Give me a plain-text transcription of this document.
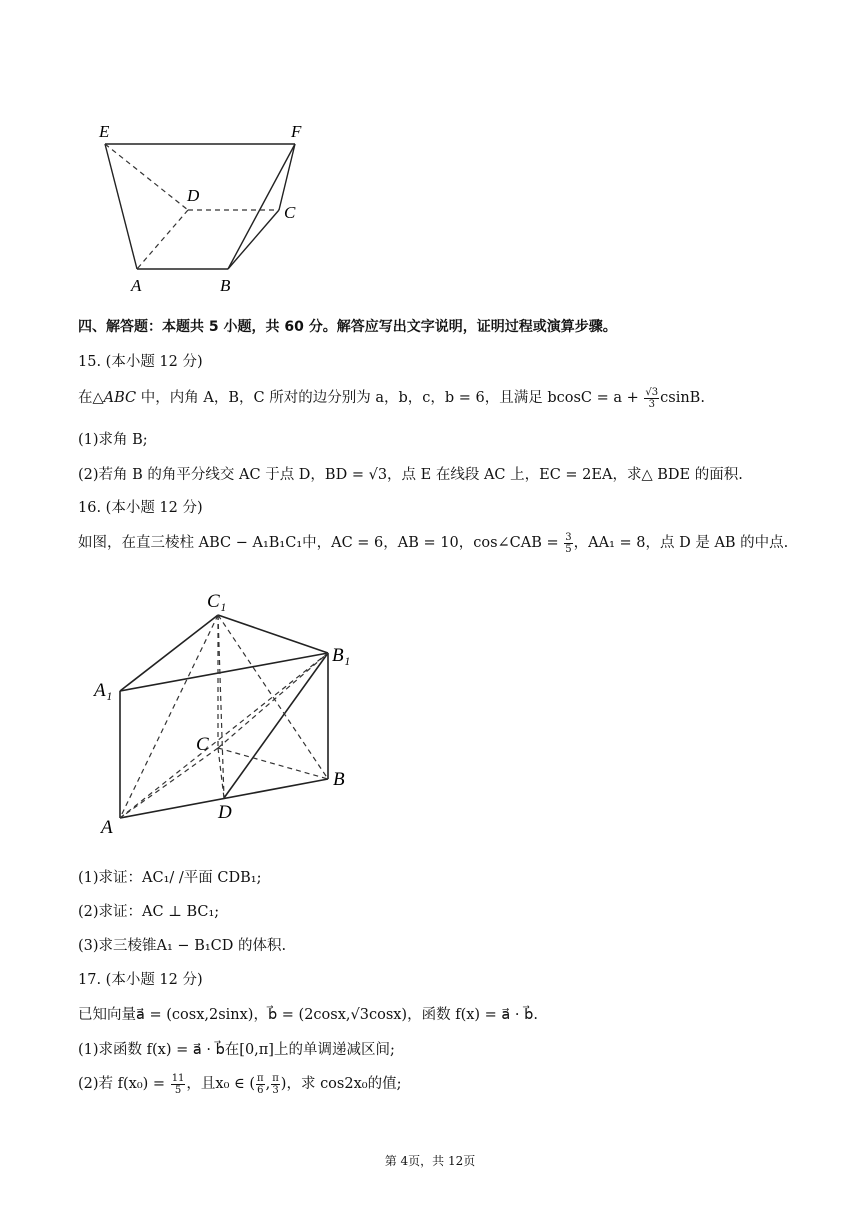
E	F
D
C
A	B
四、解答题：本题共 5 小题，共 60 分。解答应写出文字说明，证明过程或演算步骤。
15. (本小题 12 分)
在△ABC 中，内角 A，B，C 所对的边分别为 a，b，c，b = 6，且满足 $bcosC = a + \frac{√3}{3} csinB$.
(1)求角 B;
(2)若角 B 的角平分线交 AC 于点 D，BD = √3，点 E 在线段 AC 上，EC = 2EA，求△ BDE 的面积.
16. (本小题 12 分)
如图，在直三棱柱 ABC − A₁B₁C₁中，AC = 6，AB = 10，cos∠CAB = $\frac{3}{5}$ ，AA₁ = 8，点 D 是 AB 的中点.
C₁
B₁
A₁
C
B
D
A
(1)求证：AC₁/ /平面 CDB₁;
(2)求证：AC ⊥ BC₁;
(3)求三棱锥A₁ − B₁CD 的体积.
17. (本小题 12 分)
已知向量a⃗ = (cosx,2sinx)，b⃗ = (2cosx,√3cosx)，函数 f(x) = a⃗ · b⃗.
(1)求函数 f(x) = a⃗ · b⃗在[0,π]上的单调递减区间;
(2)若 $f(x_0) = \frac{11}{5}$ ，且x₀ ∈ ( $\frac{\pi}{6}$ , $\frac{\pi}{3}$ )，求 cos2x₀的值;
第 4页，共 12页
